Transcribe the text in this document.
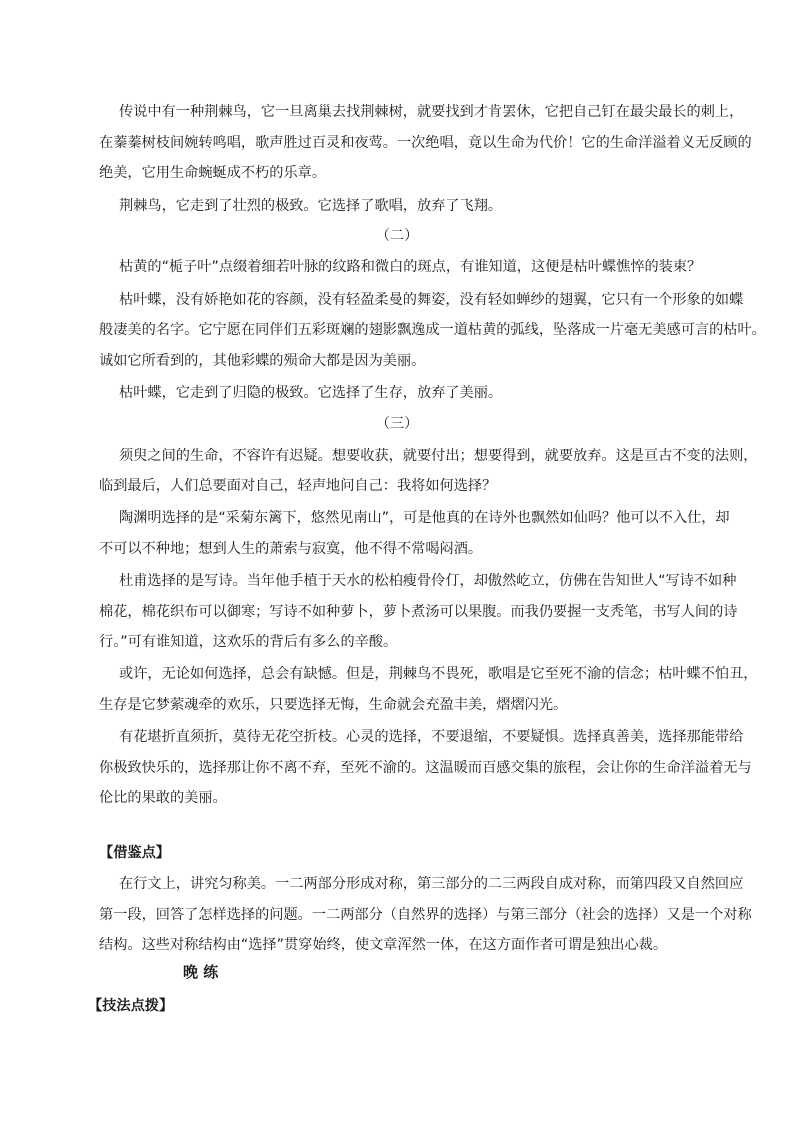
传说中有一种荆棘鸟，它一旦离巢去找荆棘树，就要找到才肯罢休，它把自己钉在最尖最长的刺上，
在蓁蓁树枝间婉转鸣唱，歌声胜过百灵和夜莺。一次绝唱，竟以生命为代价！它的生命洋溢着义无反顾的
绝美，它用生命蜿蜒成不朽的乐章。
荆棘鸟，它走到了壮烈的极致。它选择了歌唱，放弃了飞翔。
（二）
枯黄的“栀子叶”点缀着细若叶脉的纹路和微白的斑点，有谁知道，这便是枯叶蝶憔悴的装束？
枯叶蝶，没有娇艳如花的容颜，没有轻盈柔曼的舞姿，没有轻如蝉纱的翅翼，它只有一个形象的如蝶
般凄美的名字。它宁愿在同伴们五彩斑斓的翅影飘逸成一道枯黄的弧线，坠落成一片毫无美感可言的枯叶。
诚如它所看到的，其他彩蝶的殒命大都是因为美丽。
枯叶蝶，它走到了归隐的极致。它选择了生存，放弃了美丽。
（三）
须臾之间的生命，不容许有迟疑。想要收获，就要付出；想要得到，就要放弃。这是亘古不变的法则，
临到最后，人们总要面对自己，轻声地问自己：我将如何选择？
陶渊明选择的是“采菊东篱下，悠然见南山”，可是他真的在诗外也飘然如仙吗？他可以不入仕，却
不可以不种地；想到人生的萧索与寂寞，他不得不常喝闷酒。
杜甫选择的是写诗。当年他手植于天水的松柏瘦骨伶仃，却傲然屹立，仿佛在告知世人“写诗不如种
棉花，棉花织布可以御寒；写诗不如种萝卜，萝卜煮汤可以果腹。而我仍要握一支秃笔，书写人间的诗
行。”可有谁知道，这欢乐的背后有多么的辛酸。
或许，无论如何选择，总会有缺憾。但是，荆棘鸟不畏死，歌唱是它至死不渝的信念；枯叶蝶不怕丑，
生存是它梦萦魂牵的欢乐，只要选择无悔，生命就会充盈丰美，熠熠闪光。
有花堪折直须折，莫待无花空折枝。心灵的选择，不要退缩，不要疑惧。选择真善美，选择那能带给
你极致快乐的，选择那让你不离不弃，至死不渝的。这温暖而百感交集的旅程，会让你的生命洋溢着无与
伦比的果敢的美丽。
【借鉴点】
在行文上，讲究匀称美。一二两部分形成对称，第三部分的二三两段自成对称，而第四段又自然回应
第一段，回答了怎样选择的问题。一二两部分（自然界的选择）与第三部分（社会的选择）又是一个对称
结构。这些对称结构由“选择”贯穿始终，使文章浑然一体，在这方面作者可谓是独出心裁。
晚 练
【技法点拨】
